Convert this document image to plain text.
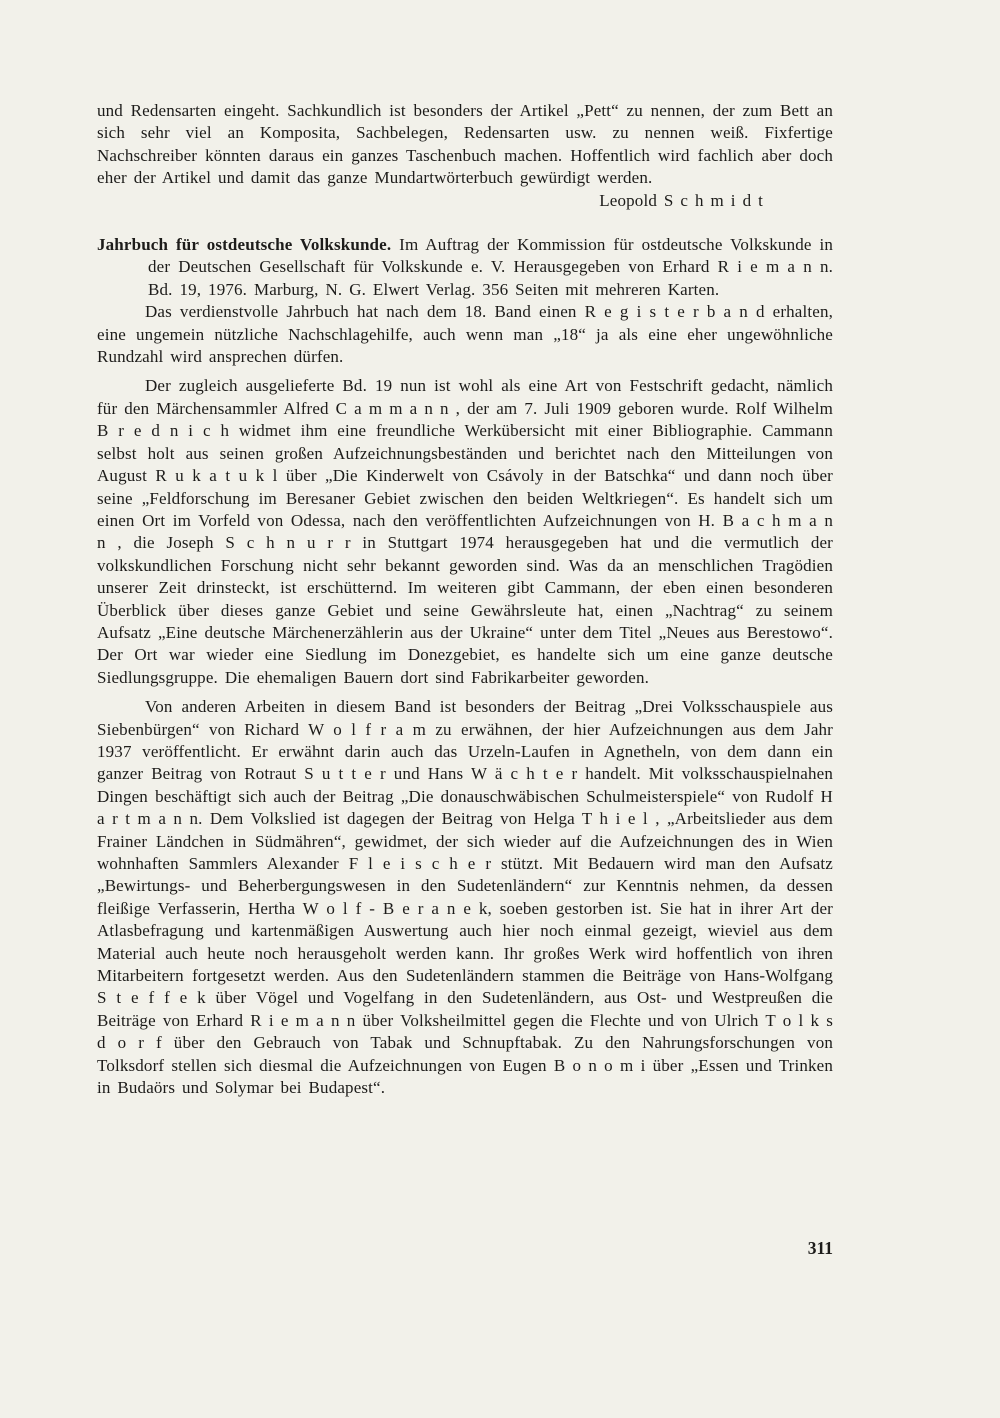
und Redensarten eingeht. Sachkundlich ist besonders der Artikel „Pett“ zu nennen, der zum Bett an sich sehr viel an Komposita, Sachbelegen, Redensarten usw. zu nennen weiß. Fixfertige Nachschreiber könnten daraus ein ganzes Taschenbuch machen. Hoffentlich wird fachlich aber doch eher der Artikel und damit das ganze Mundartwörterbuch gewürdigt werden.

Leopold S c h m i d t

Jahrbuch für ostdeutsche Volkskunde. Im Auftrag der Kommission für ostdeutsche Volkskunde in der Deutschen Gesellschaft für Volkskunde e. V. Herausgegeben von Erhard R i e m a n n. Bd. 19, 1976. Marburg, N. G. Elwert Verlag. 356 Seiten mit mehreren Karten.

Das verdienstvolle Jahrbuch hat nach dem 18. Band einen R e g i s t e r b a n d erhalten, eine ungemein nützliche Nachschlagehilfe, auch wenn man „18“ ja als eine eher ungewöhnliche Rundzahl wird ansprechen dürfen.

Der zugleich ausgelieferte Bd. 19 nun ist wohl als eine Art von Festschrift gedacht, nämlich für den Märchensammler Alfred C a m m a n n , der am 7. Juli 1909 geboren wurde. Rolf Wilhelm B r e d n i c h widmet ihm eine freundliche Werkübersicht mit einer Bibliographie. Cammann selbst holt aus seinen großen Aufzeichnungsbeständen und berichtet nach den Mitteilungen von August R u k a t u k l über „Die Kinderwelt von Csávoly in der Batschka“ und dann noch über seine „Feldforschung im Beresaner Gebiet zwischen den beiden Weltkriegen“. Es handelt sich um einen Ort im Vorfeld von Odessa, nach den veröffentlichten Aufzeichnungen von H. B a c h m a n n , die Joseph S c h n u r r in Stuttgart 1974 herausgegeben hat und die vermutlich der volkskundlichen Forschung nicht sehr bekannt geworden sind. Was da an menschlichen Tragödien unserer Zeit drinsteckt, ist erschütternd. Im weiteren gibt Cammann, der eben einen besonderen Überblick über dieses ganze Gebiet und seine Gewährsleute hat, einen „Nachtrag“ zu seinem Aufsatz „Eine deutsche Märchenerzählerin aus der Ukraine“ unter dem Titel „Neues aus Berestowo“. Der Ort war wieder eine Siedlung im Donezgebiet, es handelte sich um eine ganze deutsche Siedlungsgruppe. Die ehemaligen Bauern dort sind Fabrikarbeiter geworden.

Von anderen Arbeiten in diesem Band ist besonders der Beitrag „Drei Volksschauspiele aus Siebenbürgen“ von Richard W o l f r a m zu erwähnen, der hier Aufzeichnungen aus dem Jahr 1937 veröffentlicht. Er erwähnt darin auch das Urzeln-Laufen in Agnetheln, von dem dann ein ganzer Beitrag von Rotraut S u t t e r und Hans W ä c h t e r handelt. Mit volksschauspielnahen Dingen beschäftigt sich auch der Beitrag „Die donauschwäbischen Schulmeisterspiele“ von Rudolf H a r t m a n n. Dem Volkslied ist dagegen der Beitrag von Helga T h i e l , „Arbeitslieder aus dem Frainer Ländchen in Südmähren“, gewidmet, der sich wieder auf die Aufzeichnungen des in Wien wohnhaften Sammlers Alexander F l e i s c h e r stützt. Mit Bedauern wird man den Aufsatz „Bewirtungs- und Beherbergungswesen in den Sudetenländern“ zur Kenntnis nehmen, da dessen fleißige Verfasserin, Hertha W o l f - B e r a n e k, soeben gestorben ist. Sie hat in ihrer Art der Atlasbefragung und kartenmäßigen Auswertung auch hier noch einmal gezeigt, wieviel aus dem Material auch heute noch herausgeholt werden kann. Ihr großes Werk wird hoffentlich von ihren Mitarbeitern fortgesetzt werden. Aus den Sudetenländern stammen die Beiträge von Hans-Wolfgang S t e f f e k über Vögel und Vogelfang in den Sudetenländern, aus Ost- und Westpreußen die Beiträge von Erhard R i e m a n n über Volksheilmittel gegen die Flechte und von Ulrich T o l k s d o r f über den Gebrauch von Tabak und Schnupftabak. Zu den Nahrungsforschungen von Tolksdorf stellen sich diesmal die Aufzeichnungen von Eugen B o n o m i über „Essen und Trinken in Budaörs und Solymar bei Budapest“.

311
